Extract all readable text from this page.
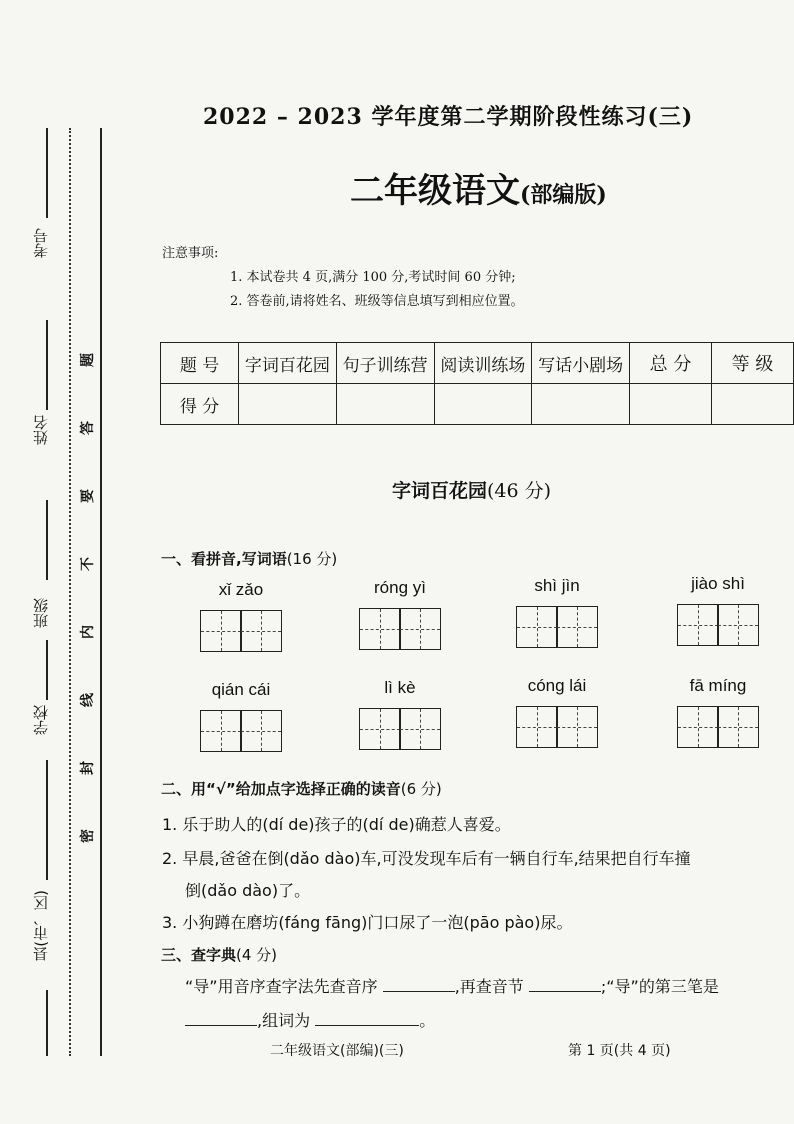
考号
姓名
班级
学校
县(市、区)
题
答
要
不
内
线
封
密
2022 – 2023 学年度第二学期阶段性练习(三)
二年级语文(部编版)
注意事项:
1. 本试卷共 4 页,满分 100 分,考试时间 60 分钟;
2. 答卷前,请将姓名、班级等信息填写到相应位置。
题 号	字词百花园	句子训练营	阅读训练场	写话小剧场	总 分	等 级
得 分						
字词百花园(46 分)
一、看拼音,写词语(16 分)
xǐ zǎo	róng yì	shì jìn	jiào shì
qián cái	lì kè	cóng lái	fā míng
二、用“√”给加点字选择正确的读音(6 分)
1. 乐于助人的(dí de)孩子的(dí de)确惹人喜爱。
2. 早晨,爸爸在倒(dǎo dào)车,可没发现车后有一辆自行车,结果把自行车撞
倒(dǎo dào)了。
3. 小狗蹲在磨坊(fáng fāng)门口尿了一泡(pāo pào)尿。
三、查字典(4 分)
“导”用音序查字法先查音序	,再查音节	;“导”的第三笔是
,组词为	。
二年级语文(部编)(三)	第 1 页(共 4 页)
